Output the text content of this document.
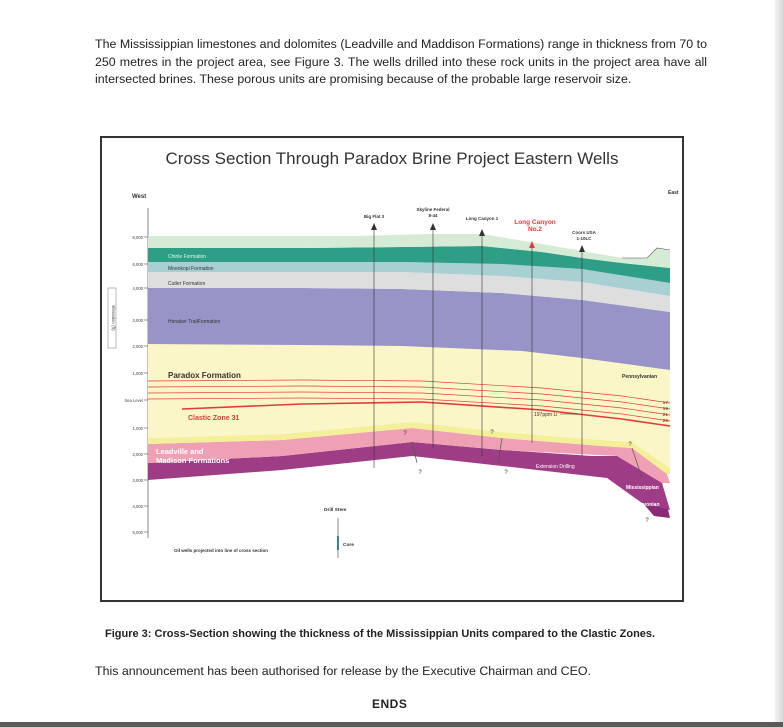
The Mississippian limestones and dolomites (Leadville and Maddison Formations) range in thickness from 70 to 250 metres in the project area, see Figure 3. The wells drilled into these rock units in the project area have all intersected brines. These porous units are promising because of the probable large reservoir size.

Cross Section Through Paradox Brine Project Eastern Wells
West
East
8,000
6,000
4,000
3,000
2,000
1,000
Sea Level
1,000
2,000
3,000
4,000
5,000
Elevation (ft)
Big Flat 3
Skyline Federal
8-44
Long Canyon 1
Coors USA
1-10LC
Long Canyon
No.2
Chinle Formation
Moenkopi Formation
Cutler Formation
Honaker TrailFormation
Paradox Formation	Pennsylvanian
Clastic Zone 31
Leadville and
Madison Formations
Mississippian
Devonian
17
19
21
29
197ppm Li
Extension Drilling
?
?
?
?
?
?
Drill Stem
Core
Oil wells projected into line of cross section

Figure 3: Cross-Section showing the thickness of the Mississippian Units compared to the Clastic Zones.

This announcement has been authorised for release by the Executive Chairman and CEO.

ENDS
